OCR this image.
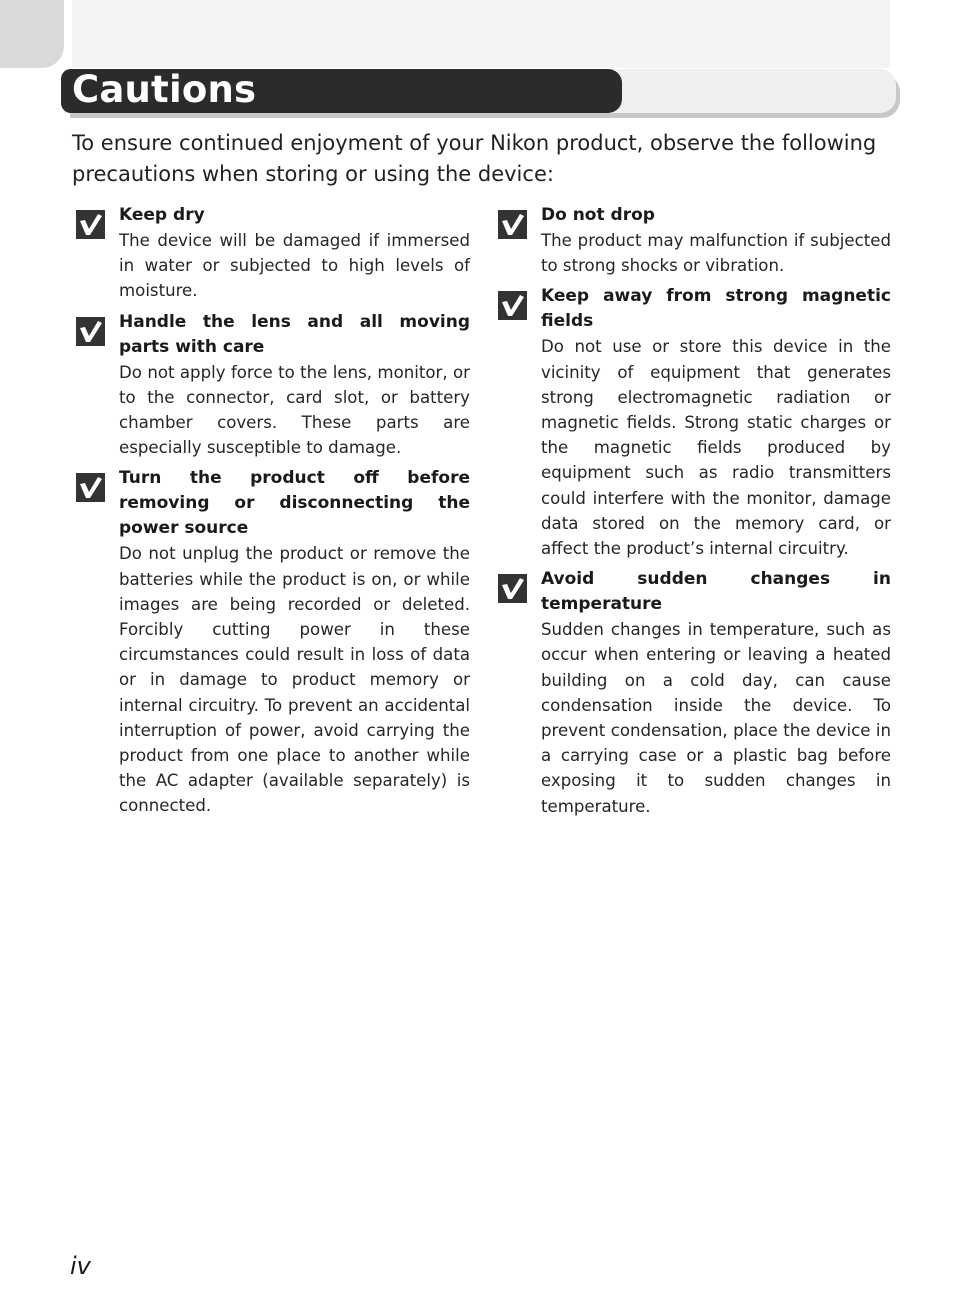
Cautions

To ensure continued enjoyment of your Nikon product, observe the following precautions when storing or using the device:

Keep dry
The device will be damaged if immersed in water or subjected to high levels of moisture.
Handle the lens and all moving parts with care
Do not apply force to the lens, monitor, or to the connector, card slot, or battery chamber covers. These parts are especially susceptible to damage.
Turn the product off before removing or disconnecting the power source
Do not unplug the product or remove the batteries while the product is on, or while images are being recorded or deleted. Forcibly cutting power in these circumstances could result in loss of data or in damage to product memory or internal circuitry. To prevent an accidental interruption of power, avoid carrying the product from one place to another while the AC adapter (available separately) is connected.
Do not drop
The product may malfunction if subjected to strong shocks or vibration.
Keep away from strong magnetic fields
Do not use or store this device in the vicinity of equipment that generates strong electromagnetic radiation or magnetic fields. Strong static charges or the magnetic fields produced by equipment such as radio transmitters could interfere with the monitor, damage data stored on the memory card, or affect the product’s internal circuitry.
Avoid sudden changes in temperature
Sudden changes in temperature, such as occur when entering or leaving a heated building on a cold day, can cause condensation inside the device. To prevent condensation, place the device in a carrying case or a plastic bag before exposing it to sudden changes in temperature.
iv
